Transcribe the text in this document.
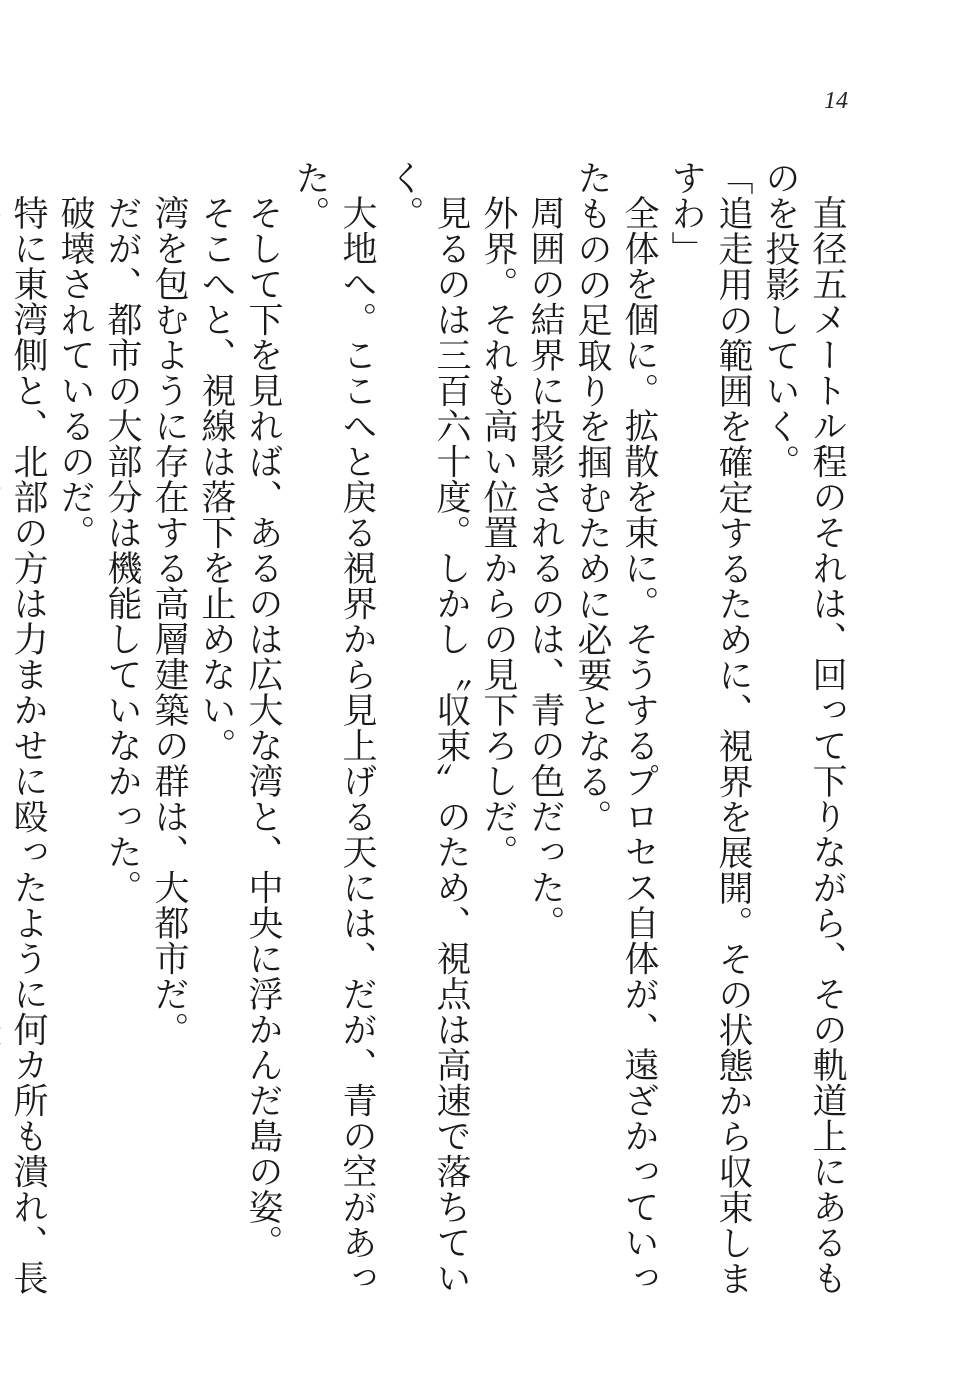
14

直径五メートル程のそれは、回って下りながら、その軌道上にあるものを投影していく。

「追走用の範囲を確定するために、視界を展開。その状態から収束しますわ」

全体を個に。拡散を束に。そうするプロセス自体が、遠ざかっていったものの足取りを掴むために必要となる。

周囲の結界に投影されるのは、青の色だった。

外界。それも高い位置からの見下ろしだ。

見るのは三百六十度。しかし〝収束〟のため、視点は高速で落ちていく。

大地へ。ここへと戻る視界から見上げる天には、だが、青の空があった。

そして下を見れば、あるのは広大な湾と、中央に浮かんだ島の姿。

そこへと、視線は落下を止めない。

湾を包むように存在する高層建築の群は、大都市だ。

だが、都市の大部分は機能していなかった。

破壊されているのだ。

特に東湾側と、北部の方は力まかせに殴ったように何カ所も潰れ、長
